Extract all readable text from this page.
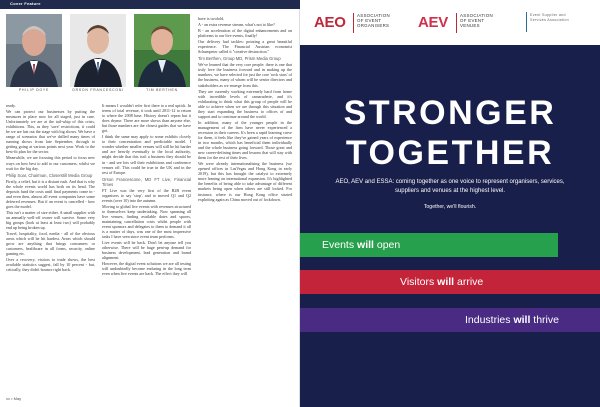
Cover Feature
PHILIP DOYE	ORSON FRANCESCONI	TIM BERTHEN

ready.

We can protect our businesses by putting the measures in place now for all staged, just in case. Unfortunately we are at the tail-whip of this crisis, exhibitions. This, as they 'save' restrictions, it could be we are last out the stage with big shows. We have a range of scenarios that we've drilled many times of running shows from late September, through to getting going at various points next year. Work to the best-fit plan for the sector.

Meanwhile, we are focusing this period to focus new ways on how best to add to our customers, whilst we wait for the big day.

Philip Soar, Chairman, Closerstill Media Group

Firstly, a relief, but it is a distant rush. And that is why the whole events world has both on its head. The deposits fund the costs until final payments come in - and even then, almost all event companies have some deferred revenues. But if an event is cancelled - how goes the model.

This isn't a matter of size either. A small supplier with an annually well-off owner will survive. Some very big groups (look at least at least two) will probably end up being broken up.

Travel, hospitality, food, media - all of the obvious areas which will be hit hardest. Areas which should grow are anything that brings consumers or customers, healthcare in all forms, security, online gaming etc.

Over a recovery, visitors to trade shows, the best available statistics suggest, fall by 10 percent - but, critically, they didn't bounce right back.

It means I wouldn't refer first there to a real uptick. In terms of total revenue, it took until 2011-12 to return to where the 2008 base. History doesn't repeat but it does rhyme. There are more shows than anyone else, but those numbers are the closest guides that we have got.

I think the same may apply to some exhibits closely to their concentration and predictable model. I wonder whether smaller venues will still be hit harder and are heavily eventually to the local authority, might decide that this isn't a business they should be in - and see lots sell their exhibitions and conference venues off. This could be true in the UK and in the rest of Europe.

Orson Francescone, MD FT Live, Financial Times

FT Live was the very first of the B2B event organisers to say 'stop', and to moved Q1 and Q2 events (over 10) into the autumn.

Moving to global live events with revenues structured to themselves keep undertaking. Now spanning all live venues, finding available dates and spaces, maintaining cancellation costs whilst people with event sponsors and delegates to them to demand it all is a matter of days, was one of the most impressive tasks I have seen since event team performs.

Live events will be back. Don't let anyone tell you otherwise. There will be huge pent-up demand for business development, lead generation and brand alignment.

However, the digital event solutions we are all testing will undoubtedly become enduring in the long term even when live events are back. The effect they will

have is twofold.

A - an extra revenue stream, what's not to like?

B - an acceleration of the digital enhancements and on platforms to our live events, finally!

Our delivery had tackles: pointing a great beautiful experience. The Financial Austrian economist Schumpeter called it "creative destruction."

Tim Berthen, Group MD, Prism Media Group

We've learned that the very core people: there is one that truly love the business forward and in making up the numbers, we have selected for just the core 'rock stars' of the business, many of whom will be senior directors and stakeholders as we emerge from this.

They are currently working extremely hard from home with incredible levels of camaraderie, and it's exhilarating to think what this group of people will be able to achieve when we are through this situation and they start expanding the business to offices of and support and to continue around the world.

In addition, many of the younger people in the management of the firm have never experienced a recession in their careers. It's been a rapid learning curve for them, it feels like they've gained years of experience in two months, which has beneficial them individually and the whole business going forward. Those great and new career-defining times and lessons that will stay with them for the rest of their lives.

We were already internationalising the business (we opened offices in LasVegas and Hong Kong in early 2019), but this has brought the catalyst to extremely more leaning on international expansion. It's highlighted the benefits of being able to take advantage of different markets being open when others are still locked. For instance, where is our Hong Kong office started exploiting again as China moved out of lockdown.

xx • May
AEO	ASSOCIATION
OF EVENT
ORGANISERS AEV	ASSOCIATION
OF EVENT
VENUES
Event Supplier and
Services Association
STRONGER
TOGETHER
AEO, AEV and ESSA: coming together as one voice to represent organisers, services, suppliers and venues at the highest level.
Together, we'll flourish.
Events
will
open
Visitors
will
arrive
Industries
will
thrive
